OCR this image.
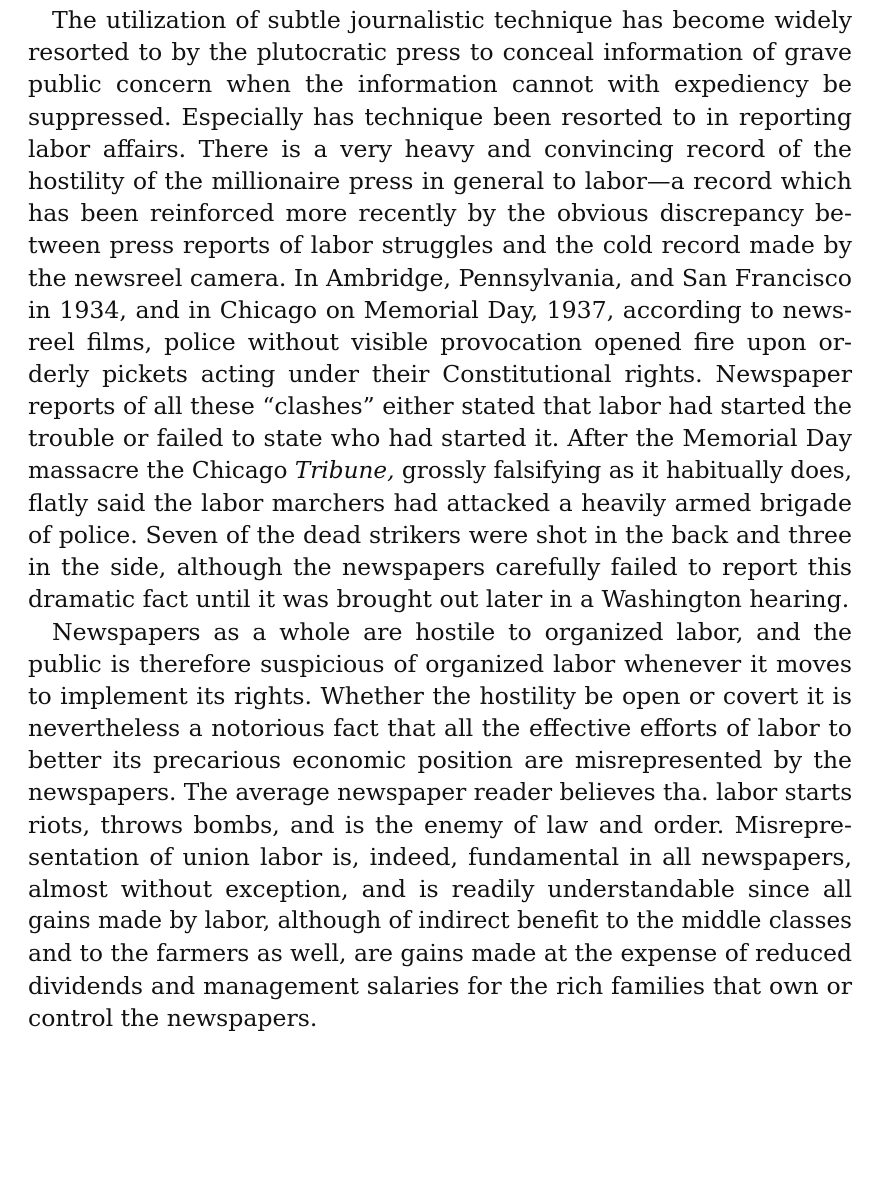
The utilization of subtle journalistic technique has become widely
resorted to by the plutocratic press to conceal information of grave
public concern when the information cannot with expediency be
suppressed. Especially has technique been resorted to in reporting
labor affairs. There is a very heavy and convincing record of the
hostility of the millionaire press in general to labor—a record which
has been reinforced more recently by the obvious discrepancy be-
tween press reports of labor struggles and the cold record made by
the newsreel camera. In Ambridge, Pennsylvania, and San Francisco
in 1934, and in Chicago on Memorial Day, 1937, according to news-
reel films, police without visible provocation opened fire upon or-
derly pickets acting under their Constitutional rights. Newspaper
reports of all these “clashes” either stated that labor had started the
trouble or failed to state who had started it. After the Memorial Day
massacre the Chicago Tribune, grossly falsifying as it habitually does,
flatly said the labor marchers had attacked a heavily armed brigade
of police. Seven of the dead strikers were shot in the back and three
in the side, although the newspapers carefully failed to report this
dramatic fact until it was brought out later in a Washington hearing.
Newspapers as a whole are hostile to organized labor, and the
public is therefore suspicious of organized labor whenever it moves
to implement its rights. Whether the hostility be open or covert it is
nevertheless a notorious fact that all the effective efforts of labor to
better its precarious economic position are misrepresented by the
newspapers. The average newspaper reader believes tha. labor starts
riots, throws bombs, and is the enemy of law and order. Misrepre-
sentation of union labor is, indeed, fundamental in all newspapers,
almost without exception, and is readily understandable since all
gains made by labor, although of indirect benefit to the middle classes
and to the farmers as well, are gains made at the expense of reduced
dividends and management salaries for the rich families that own or
control the newspapers.
